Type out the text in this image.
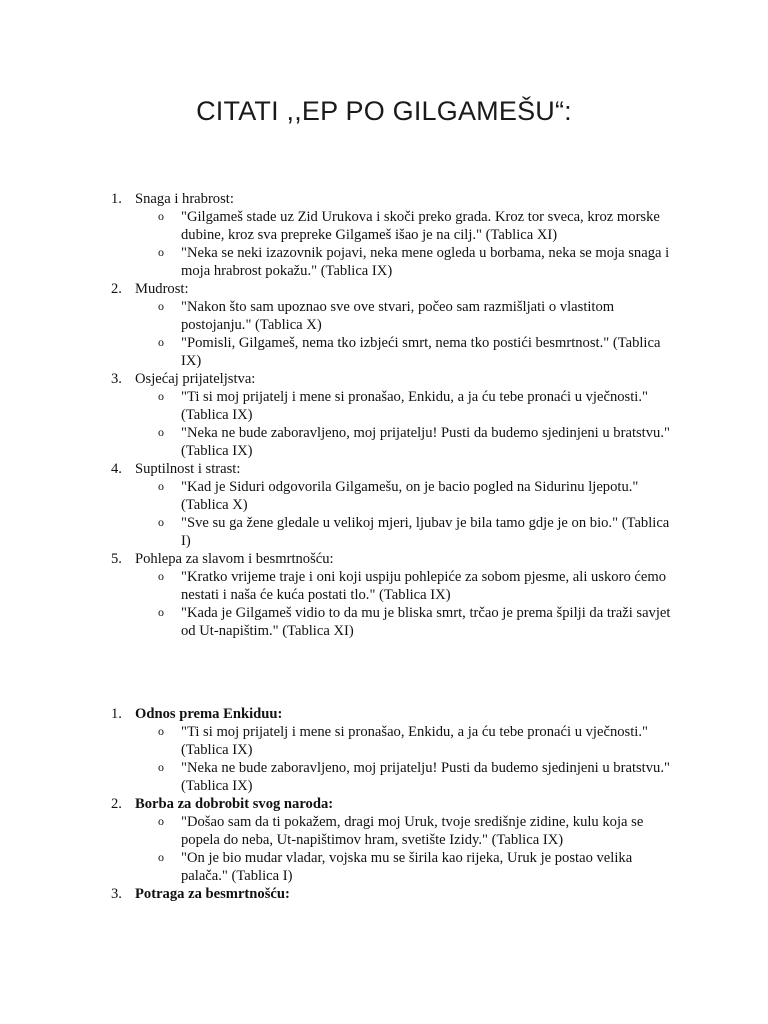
CITATI ,,EP PO GILGAMEŠU“:
1. Snaga i hrabrost:
o "Gilgameš stade uz Zid Urukova i skoči preko grada. Kroz tor sveca, kroz morske dubine, kroz sva prepreke Gilgameš išao je na cilj." (Tablica XI)
o "Neka se neki izazovnik pojavi, neka mene ogleda u borbama, neka se moja snaga i moja hrabrost pokažu." (Tablica IX)
2. Mudrost:
o "Nakon što sam upoznao sve ove stvari, počeo sam razmišljati o vlastitom postojanju." (Tablica X)
o "Pomisli, Gilgameš, nema tko izbjeći smrt, nema tko postići besmrtnost." (Tablica IX)
3. Osjećaj prijateljstva:
o "Ti si moj prijatelj i mene si pronašao, Enkidu, a ja ću tebe pronaći u vječnosti." (Tablica IX)
o "Neka ne bude zaboravljeno, moj prijatelju! Pusti da budemo sjedinjeni u bratstvu." (Tablica IX)
4. Suptilnost i strast:
o "Kad je Siduri odgovorila Gilgamešu, on je bacio pogled na Sidurinu ljepotu." (Tablica X)
o "Sve su ga žene gledale u velikoj mjeri, ljubav je bila tamo gdje je on bio." (Tablica I)
5. Pohlepa za slavom i besmrtnošću:
o "Kratko vrijeme traje i oni koji uspiju pohlepiće za sobom pjesme, ali uskoro ćemo nestati i naša će kuća postati tlo." (Tablica IX)
o "Kada je Gilgameš vidio to da mu je bliska smrt, trčao je prema špilji da traži savjet od Ut-napištim." (Tablica XI)
1. Odnos prema Enkiduu:
o "Ti si moj prijatelj i mene si pronašao, Enkidu, a ja ću tebe pronaći u vječnosti." (Tablica IX)
o "Neka ne bude zaboravljeno, moj prijatelju! Pusti da budemo sjedinjeni u bratstvu." (Tablica IX)
2. Borba za dobrobit svog naroda:
o "Došao sam da ti pokažem, dragi moj Uruk, tvoje središnje zidine, kulu koja se popela do neba, Ut-napištimov hram, svetište Izidy." (Tablica IX)
o "On je bio mudar vladar, vojska mu se širila kao rijeka, Uruk je postao velika palača." (Tablica I)
3. Potraga za besmrtnošću:
